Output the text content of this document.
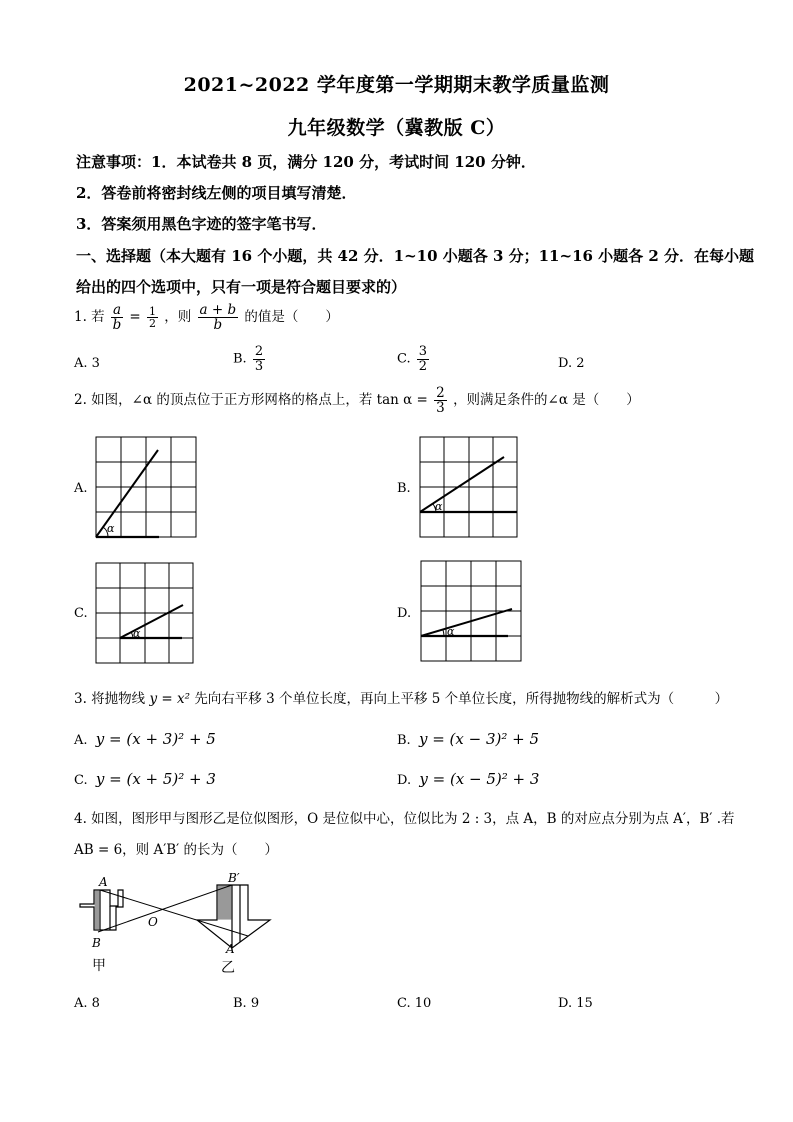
2021~2022 学年度第一学期期末教学质量监测
九年级数学（冀教版 C）
注意事项：1．本试卷共 8 页，满分 120 分，考试时间 120 分钟．
2．答卷前将密封线左侧的项目填写清楚．
3．答案须用黑色字迹的签字笔书写．
一、选择题（本大题有 16 个小题，共 42 分．1~10 小题各 3 分；11~16 小题各 2 分．在每小题
给出的四个选项中，只有一项是符合题目要求的）
1. 若 $\frac{a}{b} = \frac{1}{2}$ ，则 $\frac{a + b}{b}$ 的值是（　　）
A. 3	B. $\frac{2}{3}$	C. $\frac{3}{2}$	D. 2
2. 如图，∠α 的顶点位于正方形网格的格点上，若 $\tan \alpha = \frac{2}{3}$ ，则满足条件的∠α 是（　　）
A.	B.
C.	D.
α
α
α	α
3. 将抛物线 y = x² 先向右平移 3 个单位长度，再向上平移 5 个单位长度，所得抛物线的解析式为（　　　）
A. y = (x + 3)² + 5	B. y = (x − 3)² + 5
C. y = (x + 5)² + 3	D. y = (x − 5)² + 3
4. 如图，图形甲与图形乙是位似图形，O 是位似中心，位似比为 2 : 3，点 A，B 的对应点分别为点 A′，B′ .若
AB = 6，则 A′B′ 的长为（　　）
A
B
O
B′
A′
甲	乙
A. 8	B. 9	C. 10	D. 15
